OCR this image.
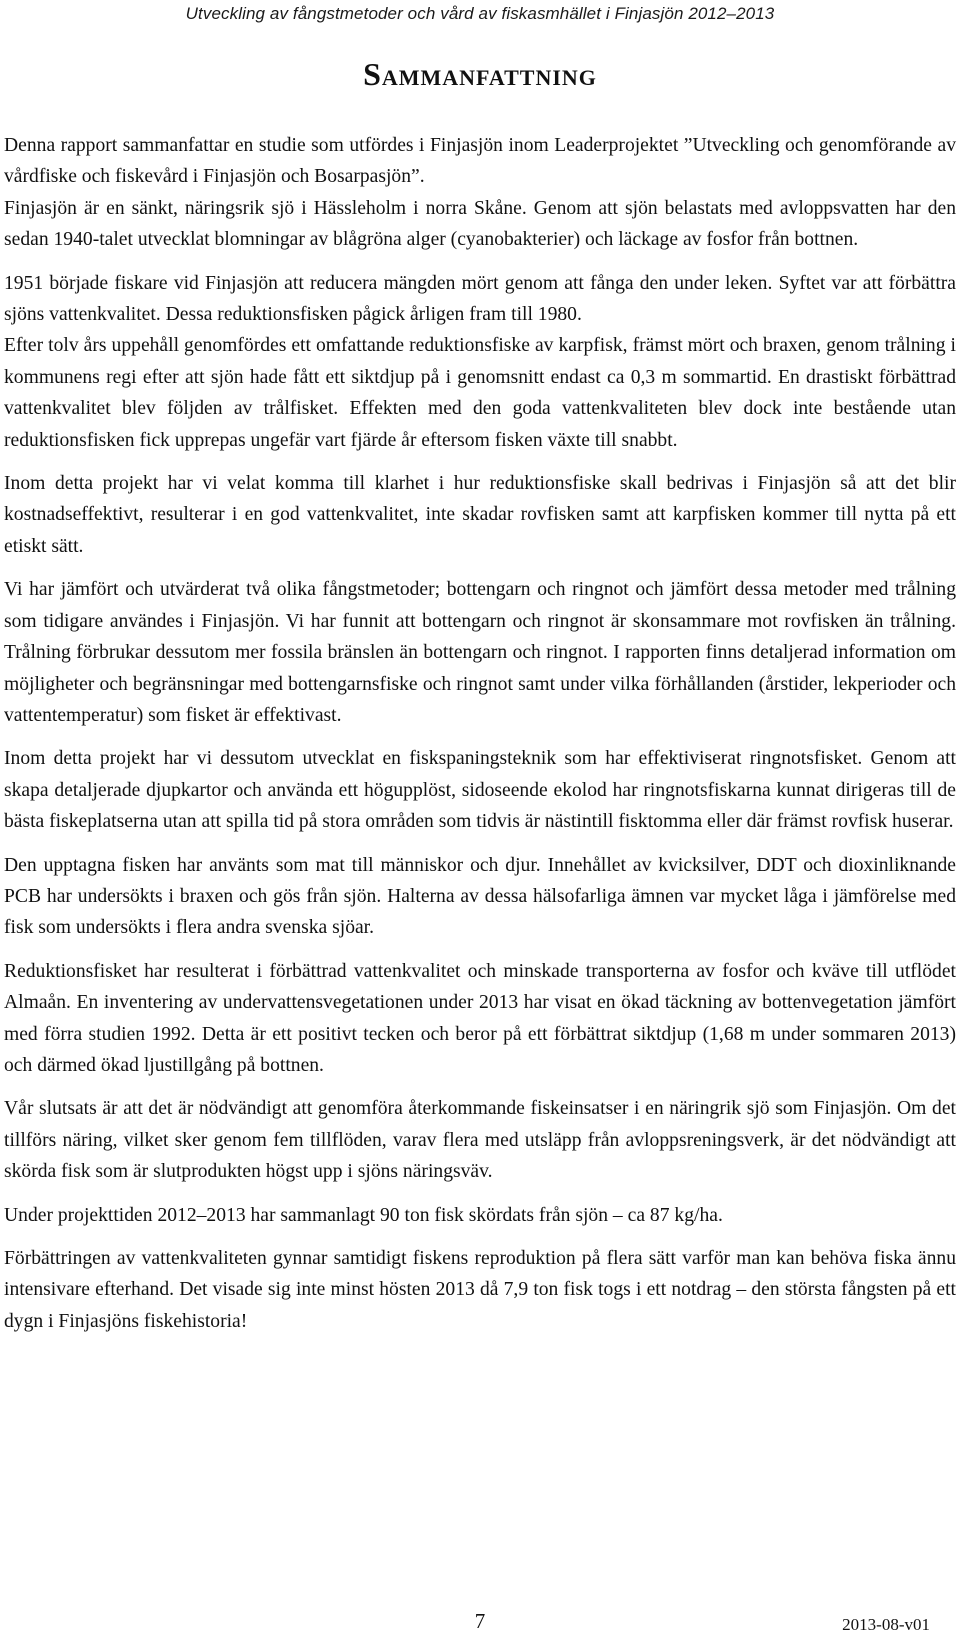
Utveckling av fångstmetoder och vård av fiskasmhället i Finjasjön 2012–2013
Sammanfattning

Denna rapport sammanfattar en studie som utfördes i Finjasjön inom Leaderprojektet ”Utveckling och genomförande av vårdfiske och fiskevård i Finjasjön och Bosarpasjön”.

Finjasjön är en sänkt, näringsrik sjö i Hässleholm i norra Skåne. Genom att sjön belastats med avloppsvatten har den sedan 1940-talet utvecklat blomningar av blågröna alger (cyanobakterier) och läckage av fosfor från bottnen.

1951 började fiskare vid Finjasjön att reducera mängden mört genom att fånga den under leken. Syftet var att förbättra sjöns vattenkvalitet. Dessa reduktionsfisken pågick årligen fram till 1980.

Efter tolv års uppehåll genomfördes ett omfattande reduktionsfiske av karpfisk, främst mört och braxen, genom trålning i kommunens regi efter att sjön hade fått ett siktdjup på i genomsnitt endast ca 0,3 m sommartid. En drastiskt förbättrad vattenkvalitet blev följden av trålfisket. Effekten med den goda vattenkvaliteten blev dock inte bestående utan reduktionsfisken fick upprepas ungefär vart fjärde år eftersom fisken växte till snabbt.

Inom detta projekt har vi velat komma till klarhet i hur reduktionsfiske skall bedrivas i Finjasjön så att det blir kostnadseffektivt, resulterar i en god vattenkvalitet, inte skadar rovfisken samt att karpfisken kommer till nytta på ett etiskt sätt.

Vi har jämfört och utvärderat två olika fångstmetoder; bottengarn och ringnot och jämfört dessa metoder med trålning som tidigare användes i Finjasjön. Vi har funnit att bottengarn och ringnot är skonsammare mot rovfisken än trålning. Trålning förbrukar dessutom mer fossila bränslen än bottengarn och ringnot. I rapporten finns detaljerad information om möjligheter och begränsningar med bottengarnsfiske och ringnot samt under vilka förhållanden (årstider, lekperioder och vattentemperatur) som fisket är effektivast.

Inom detta projekt har vi dessutom utvecklat en fiskspaningsteknik som har effektiviserat ringnotsfisket. Genom att skapa detaljerade djupkartor och använda ett högupplöst, sidoseende ekolod har ringnotsfiskarna kunnat dirigeras till de bästa fiskeplatserna utan att spilla tid på stora områden som tidvis är nästintill fisktomma eller där främst rovfisk huserar.

Den upptagna fisken har använts som mat till människor och djur. Innehållet av kvicksilver, DDT och dioxinliknande PCB har undersökts i braxen och gös från sjön. Halterna av dessa hälsofarliga ämnen var mycket låga i jämförelse med fisk som undersökts i flera andra svenska sjöar.

Reduktionsfisket har resulterat i förbättrad vattenkvalitet och minskade transporterna av fosfor och kväve till utflödet Almaån. En inventering av undervattensvegetationen under 2013 har visat en ökad täckning av bottenvegetation jämfört med förra studien 1992. Detta är ett positivt tecken och beror på ett förbättrat siktdjup (1,68 m under sommaren 2013) och därmed ökad ljustillgång på bottnen.

Vår slutsats är att det är nödvändigt att genomföra återkommande fiskeinsatser i en näringrik sjö som Finjasjön. Om det tillförs näring, vilket sker genom fem tillflöden, varav flera med utsläpp från avloppsreningsverk, är det nödvändigt att skörda fisk som är slutprodukten högst upp i sjöns näringsväv.

Under projekttiden 2012–2013 har sammanlagt 90 ton fisk skördats från sjön – ca 87 kg/ha.

Förbättringen av vattenkvaliteten gynnar samtidigt fiskens reproduktion på flera sätt varför man kan behöva fiska ännu intensivare efterhand. Det visade sig inte minst hösten 2013 då 7,9 ton fisk togs i ett notdrag – den största fångsten på ett dygn i Finjasjöns fiskehistoria!

7	2013-08-v01
